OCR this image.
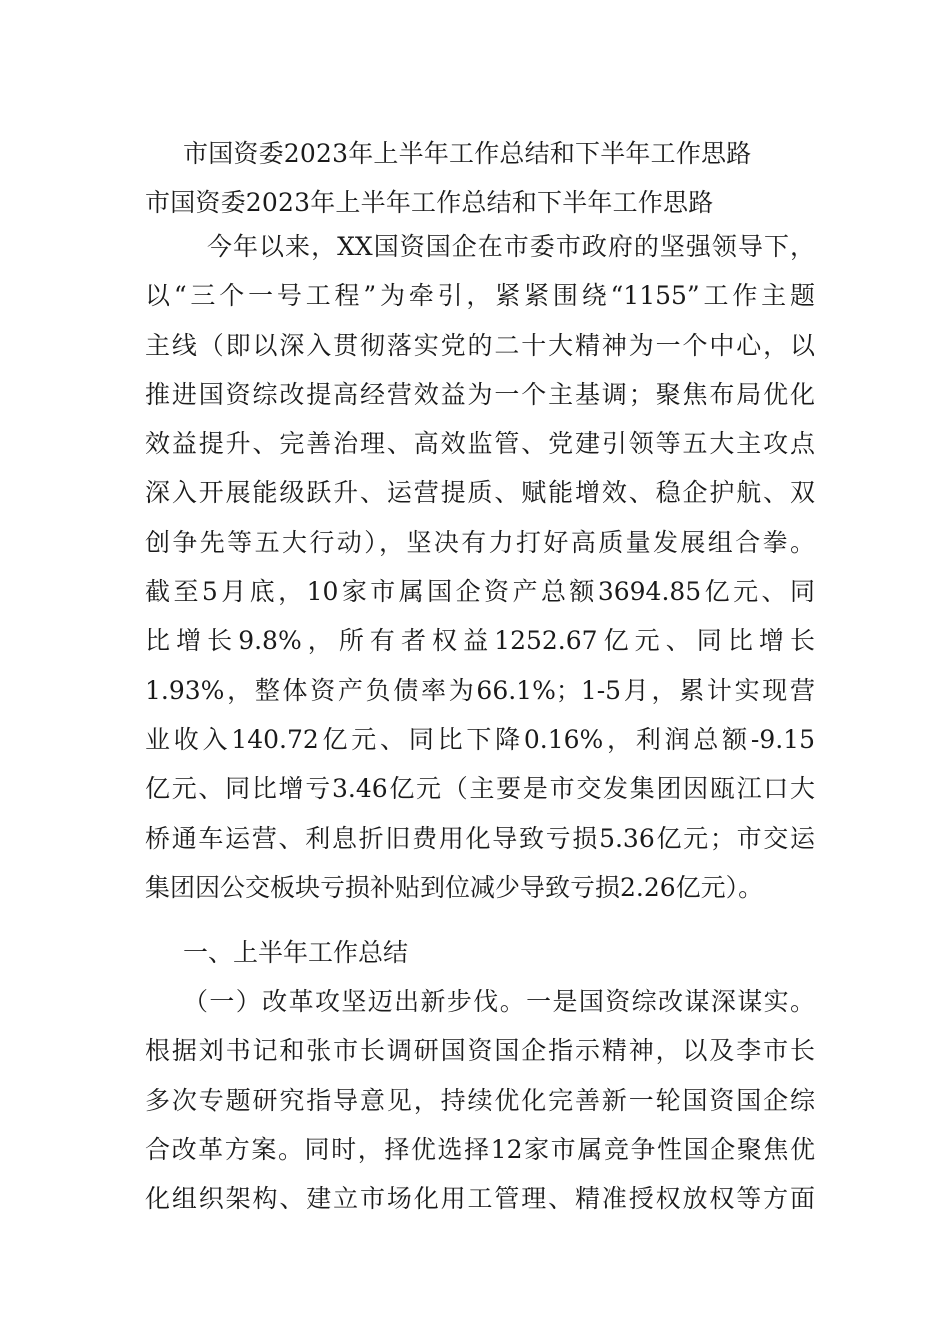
市国资委2023年上半年工作总结和下半年工作思路
市国资委2023年上半年工作总结和下半年工作思路
今年以来，XX国资国企在市委市政府的坚强领导下，
以“三个一号工程”为牵引，紧紧围绕“1155”工作主题
主线（即以深入贯彻落实党的二十大精神为一个中心，以
推进国资综改提高经营效益为一个主基调；聚焦布局优化
效益提升、完善治理、高效监管、党建引领等五大主攻点
深入开展能级跃升、运营提质、赋能增效、稳企护航、双
创争先等五大行动），坚决有力打好高质量发展组合拳。
截至5月底，10家市属国企资产总额3694.85亿元、同
比增长9.8%，所有者权益1252.67亿元、同比增长
1.93%，整体资产负债率为66.1%；1-5月，累计实现营
业收入140.72亿元、同比下降0.16%，利润总额-9.15
亿元、同比增亏3.46亿元（主要是市交发集团因瓯江口大
桥通车运营、利息折旧费用化导致亏损5.36亿元；市交运
集团因公交板块亏损补贴到位减少导致亏损2.26亿元）。
一、上半年工作总结
（一）改革攻坚迈出新步伐。一是国资综改谋深谋实。
根据刘书记和张市长调研国资国企指示精神，以及李市长
多次专题研究指导意见，持续优化完善新一轮国资国企综
合改革方案。同时，择优选择12家市属竞争性国企聚焦优
化组织架构、建立市场化用工管理、精准授权放权等方面
